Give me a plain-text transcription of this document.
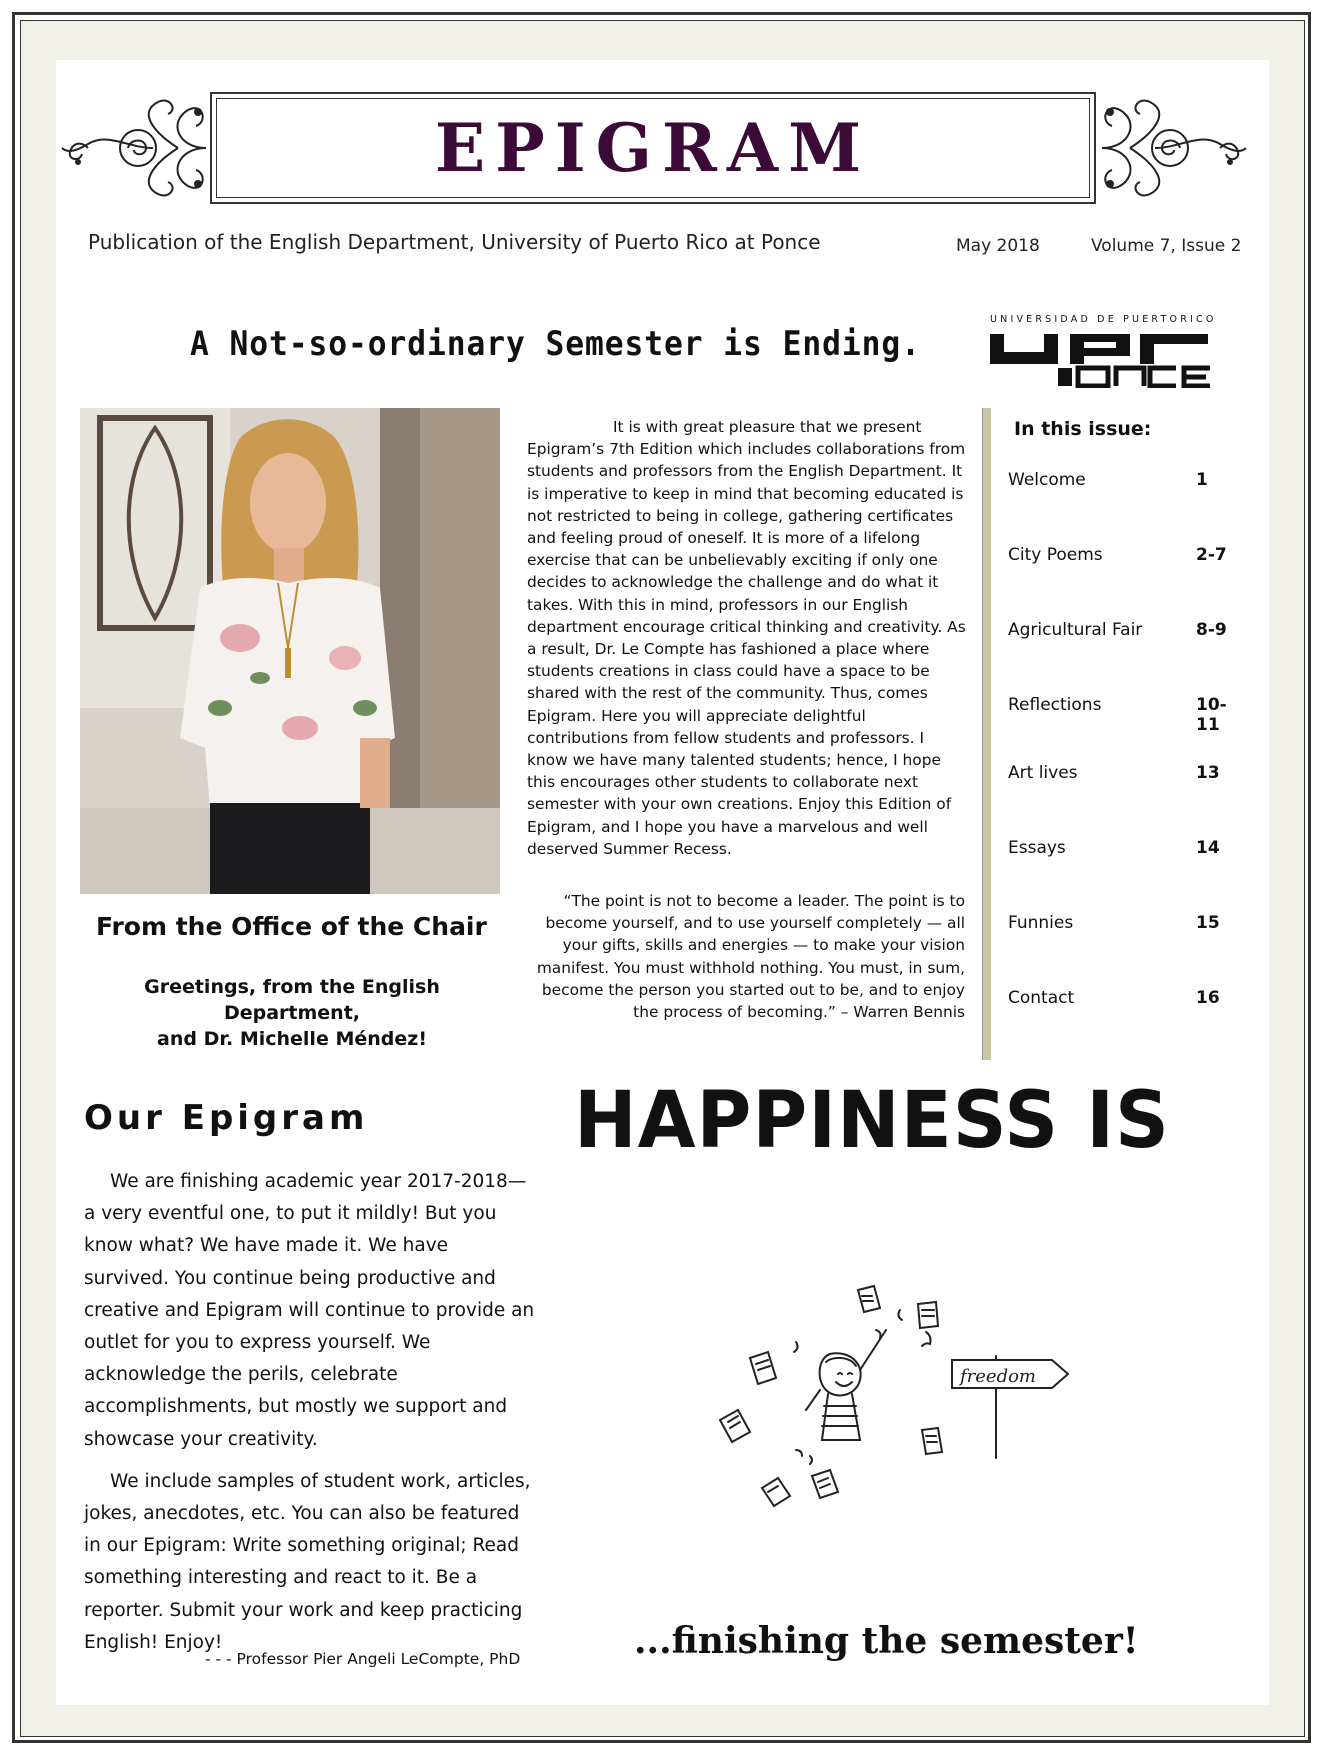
EPIGRAM
Publication of the English Department, University of Puerto Rico at Ponce	May 2018	Volume 7, Issue 2
A Not-so-ordinary Semester is Ending.
UNIVERSIDAD DE PUERTORICO
From the Office of the Chair
Greetings, from the English Department,
and Dr. Michelle Méndez!
It is with great pleasure that we present Epigram’s 7th Edition which includes collaborations from students and professors from the English Department. It is imperative to keep in mind that becoming educated is not restricted to being in college, gathering certificates and feeling proud of oneself. It is more of a lifelong exercise that can be unbelievably exciting if only one decides to acknowledge the challenge and do what it takes. With this in mind, professors in our English department encourage critical thinking and creativity. As a result, Dr. Le Compte has fashioned a place where students creations in class could have a space to be shared with the rest of the community. Thus, comes Epigram. Here you will appreciate delightful contributions from fellow students and professors. I know we have many talented students; hence, I hope this encourages other students to collaborate next semester with your own creations. Enjoy this Edition of Epigram, and I hope you have a marvelous and well deserved Summer Recess.
“The point is not to become a leader. The point is to become yourself, and to use yourself completely — all your gifts, skills and energies — to make your vision manifest. You must withhold nothing. You must, in sum, become the person you started out to be, and to enjoy the process of becoming.” – Warren Bennis
In this issue:
Welcome	1
City Poems	2-7
Agricultural Fair	8-9
Reflections	10-11
Art lives	13
Essays	14
Funnies	15
Contact	16
Our Epigram

We are finishing academic year 2017-2018—a very eventful one, to put it mildly! But you know what? We have made it. We have survived. You continue being productive and creative and Epigram will continue to provide an outlet for you to express yourself. We acknowledge the perils, celebrate accomplishments, but mostly we support and showcase your creativity.

We include samples of student work, articles, jokes, anecdotes, etc. You can also be featured in our Epigram: Write something original; Read something interesting and react to it. Be a reporter. Submit your work and keep practicing English! Enjoy!

- - - Professor Pier Angeli LeCompte, PhD
HAPPINESS IS
freedom
...finishing the semester!
